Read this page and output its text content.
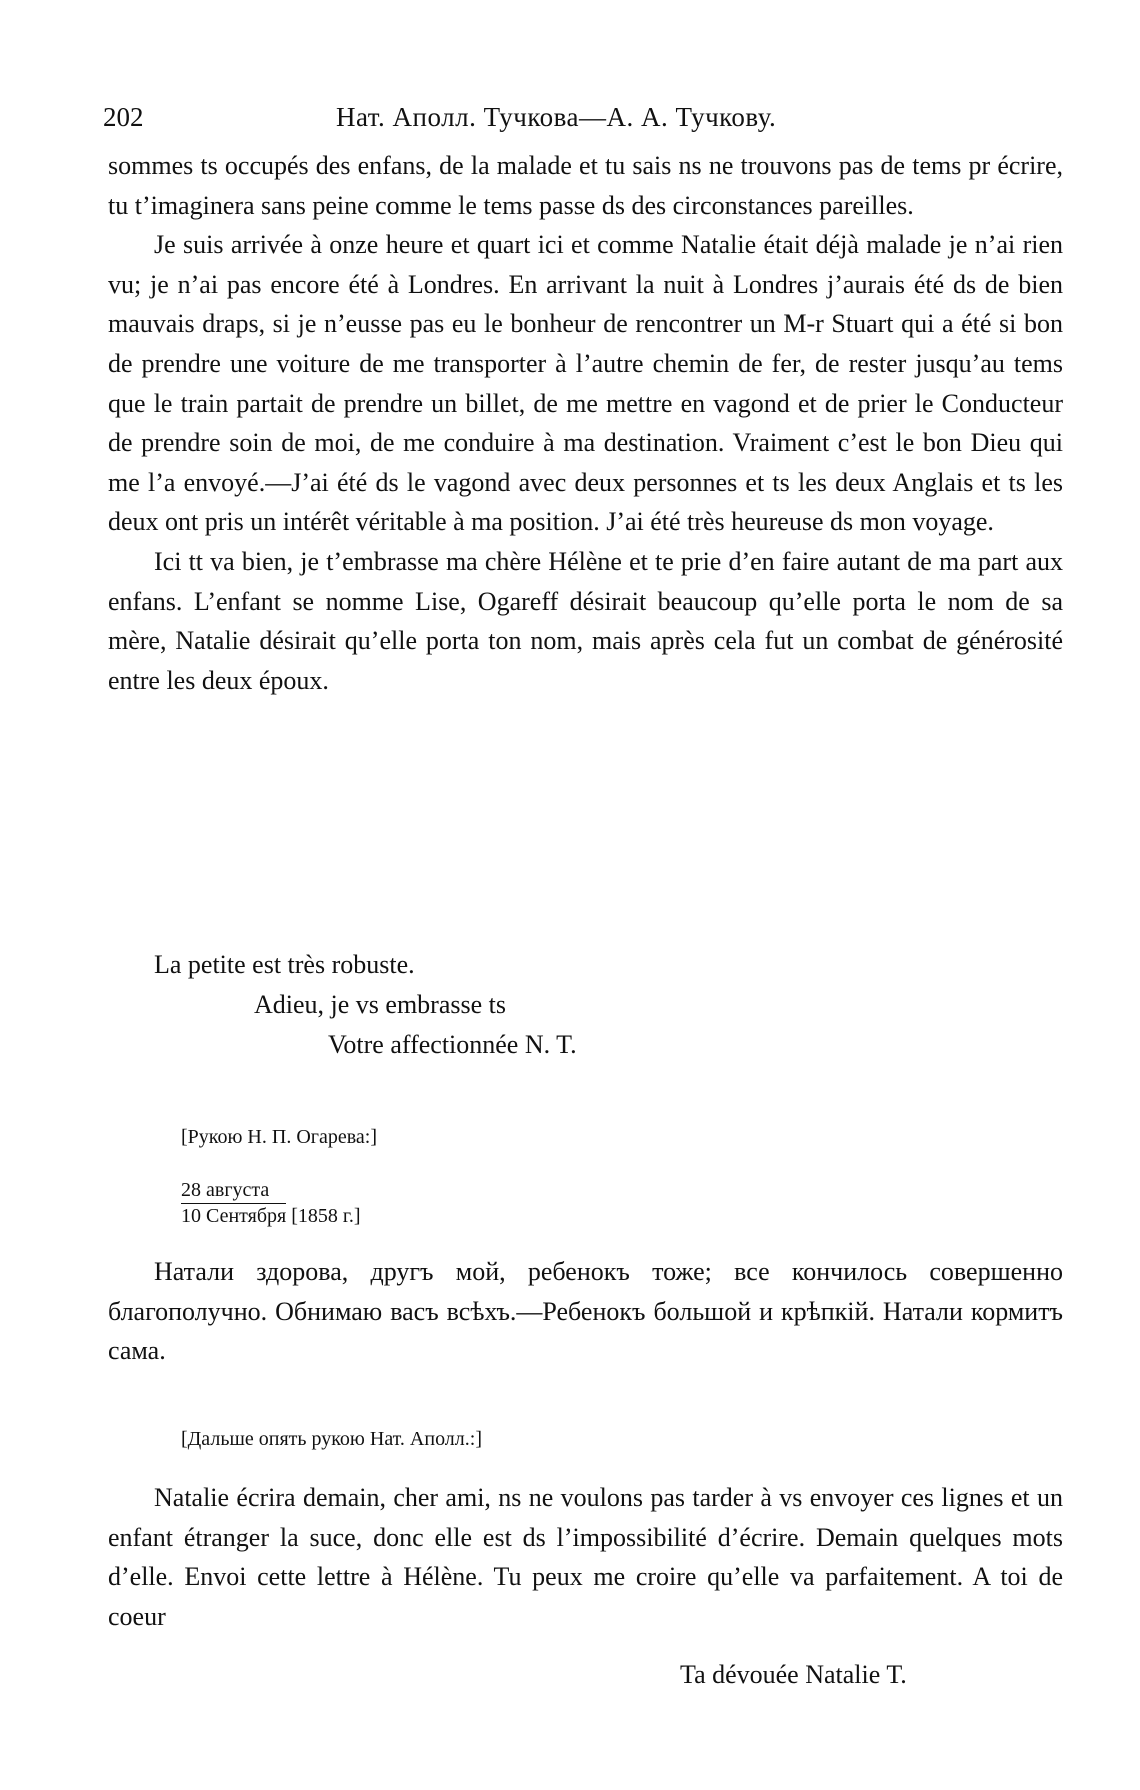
202	Нат. Аполл. Тучкова—А. А. Тучкову.

sommes ts occupés des enfans, de la malade et tu sais ns ne trouvons pas de tems pr écrire, tu t’imaginera sans peine comme le tems passe ds des circonstances pareilles.

Je suis arrivée à onze heure et quart ici et comme Natalie était déjà malade je n’ai rien vu; je n’ai pas encore été à Londres. En arrivant la nuit à Londres j’aurais été ds de bien mauvais draps, si je n’eusse pas eu le bonheur de rencontrer un M-r Stuart qui a été si bon de prendre une voiture de me transporter à l’autre chemin de fer, de rester jusqu’au tems que le train partait de prendre un billet, de me mettre en vagond et de prier le Conducteur de prendre soin de moi, de me conduire à ma destination. Vraiment c’est le bon Dieu qui me l’a envoyé.—J’ai été ds le vagond avec deux personnes et ts les deux Anglais et ts les deux ont pris un intérêt véritable à ma position. J’ai été très heureuse ds mon voyage.

Ici tt va bien, je t’embrasse ma chère Hélène et te prie d’en faire autant de ma part aux enfans. L’enfant se nomme Lise, Ogareff désirait beaucoup qu’elle porta le nom de sa mère, Natalie désirait qu’elle porta ton nom, mais après cela fut un combat de générosité entre les deux époux.

La petite est très robuste.
Adieu, je vs embrasse ts
Votre affectionnée N. T.
[Рукою Н. П. Огарева:]
28 августа
10 Сентября [1858 г.]

Натали здорова, другъ мой, ребенокъ тоже; все кончилось совершенно благополучно. Обнимаю васъ всѣхъ.—Ребенокъ большой и крѣпкій. Натали кормитъ сама.

[Дальше опять рукою Нат. Аполл.:]

Natalie écrira demain, cher ami, ns ne voulons pas tarder à vs envoyer ces lignes et un enfant étranger la suce, donc elle est ds l’impossibilité d’écrire. Demain quelques mots d’elle. Envoi cette lettre à Hélène. Tu peux me croire qu’elle va parfaitement. A toi de coeur

Ta dévouée Natalie T.
